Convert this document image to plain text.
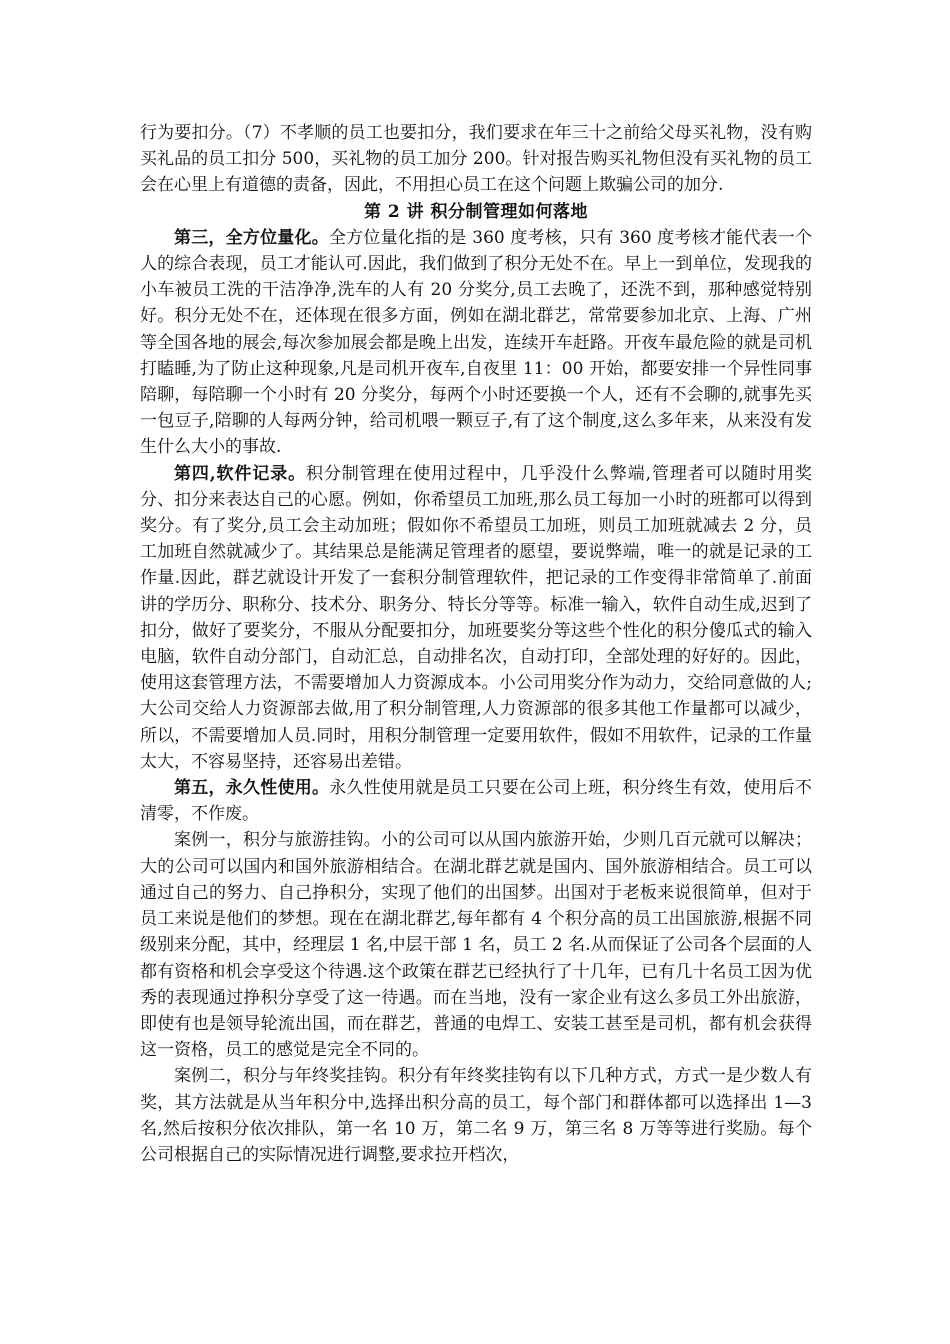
行为要扣分。（7）不孝顺的员工也要扣分，我们要求在年三十之前给父母买礼物，没有购买礼品的员工扣分 500，买礼物的员工加分 200。针对报告购买礼物但没有买礼物的员工会在心里上有道德的责备，因此，不用担心员工在这个问题上欺骗公司的加分.

第 2 讲 积分制管理如何落地

第三，全方位量化。全方位量化指的是 360 度考核，只有 360 度考核才能代表一个人的综合表现，员工才能认可.因此，我们做到了积分无处不在。早上一到单位，发现我的小车被员工洗的干洁净净,洗车的人有 20 分奖分,员工去晚了，还洗不到，那种感觉特别好。积分无处不在，还体现在很多方面，例如在湖北群艺，常常要参加北京、上海、广州等全国各地的展会,每次参加展会都是晚上出发，连续开车赶路。开夜车最危险的就是司机打瞌睡,为了防止这种现象,凡是司机开夜车,自夜里 11：00 开始，都要安排一个异性同事陪聊，每陪聊一个小时有 20 分奖分，每两个小时还要换一个人，还有不会聊的,就事先买一包豆子,陪聊的人每两分钟，给司机喂一颗豆子,有了这个制度,这么多年来，从来没有发生什么大小的事故.

第四,软件记录。积分制管理在使用过程中，几乎没什么弊端,管理者可以随时用奖分、扣分来表达自己的心愿。例如，你希望员工加班,那么员工每加一小时的班都可以得到奖分。有了奖分,员工会主动加班；假如你不希望员工加班，则员工加班就减去 2 分，员工加班自然就减少了。其结果总是能满足管理者的愿望，要说弊端，唯一的就是记录的工作量.因此，群艺就设计开发了一套积分制管理软件，把记录的工作变得非常简单了.前面讲的学历分、职称分、技术分、职务分、特长分等等。标准一输入，软件自动生成,迟到了扣分，做好了要奖分，不服从分配要扣分，加班要奖分等这些个性化的积分傻瓜式的输入电脑，软件自动分部门，自动汇总，自动排名次，自动打印，全部处理的好好的。因此，使用这套管理方法，不需要增加人力资源成本。小公司用奖分作为动力，交给同意做的人;大公司交给人力资源部去做,用了积分制管理,人力资源部的很多其他工作量都可以减少，所以，不需要增加人员.同时，用积分制管理一定要用软件，假如不用软件，记录的工作量太大，不容易坚持，还容易出差错。

第五，永久性使用。永久性使用就是员工只要在公司上班，积分终生有效，使用后不清零，不作废。

案例一，积分与旅游挂钩。小的公司可以从国内旅游开始，少则几百元就可以解决；大的公司可以国内和国外旅游相结合。在湖北群艺就是国内、国外旅游相结合。员工可以通过自己的努力、自己挣积分，实现了他们的出国梦。出国对于老板来说很简单，但对于员工来说是他们的梦想。现在在湖北群艺,每年都有 4 个积分高的员工出国旅游,根据不同级别来分配，其中，经理层 1 名,中层干部 1 名，员工 2 名.从而保证了公司各个层面的人都有资格和机会享受这个待遇.这个政策在群艺已经执行了十几年，已有几十名员工因为优秀的表现通过挣积分享受了这一待遇。而在当地，没有一家企业有这么多员工外出旅游，即使有也是领导轮流出国，而在群艺，普通的电焊工、安装工甚至是司机，都有机会获得这一资格，员工的感觉是完全不同的。

案例二，积分与年终奖挂钩。积分有年终奖挂钩有以下几种方式，方式一是少数人有奖，其方法就是从当年积分中,选择出积分高的员工，每个部门和群体都可以选择出 1—3 名,然后按积分依次排队，第一名 10 万，第二名 9 万，第三名 8 万等等进行奖励。每个公司根据自己的实际情况进行调整,要求拉开档次，
